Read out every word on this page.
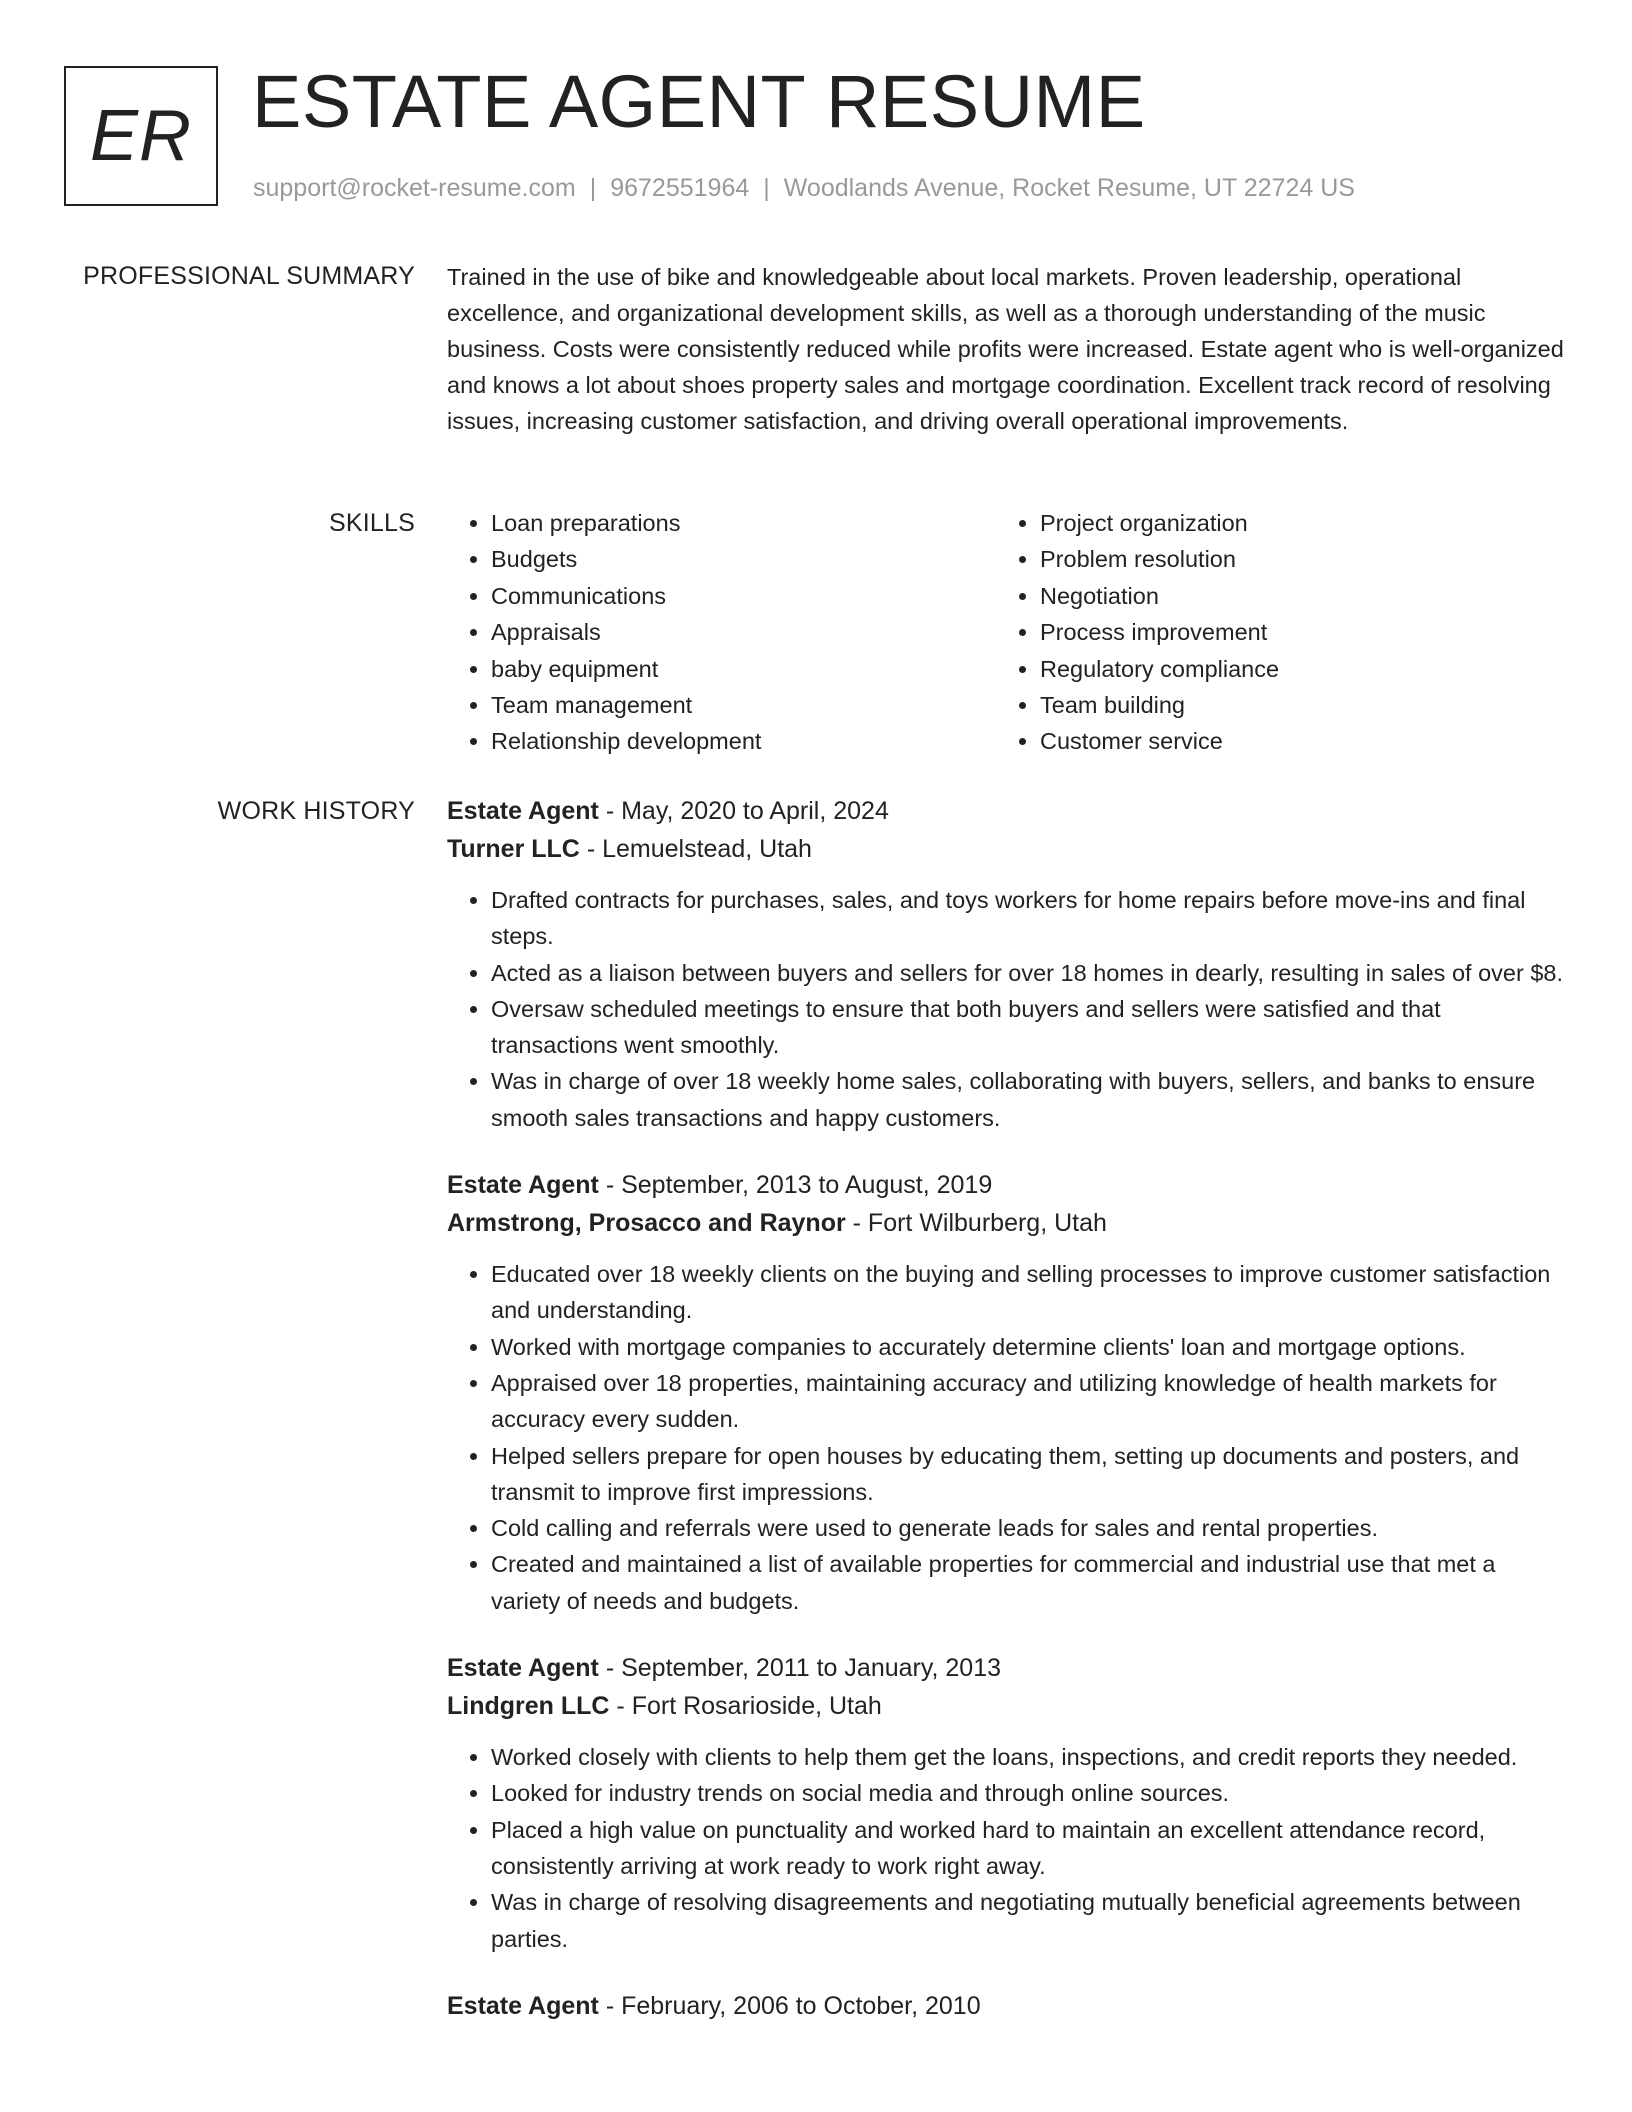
ER ESTATE AGENT RESUME
support@rocket-resume.com | 9672551964 | Woodlands Avenue, Rocket Resume, UT 22724 US
PROFESSIONAL SUMMARY Trained in the use of bike and knowledgeable about local markets. Proven leadership, operational excellence, and organizational development skills, as well as a thorough understanding of the music business. Costs were consistently reduced while profits were increased. Estate agent who is well-organized and knows a lot about shoes property sales and mortgage coordination. Excellent track record of resolving issues, increasing customer satisfaction, and driving overall operational improvements.

SKILLS
•	Loan preparations
• Budgets
• Communications
• Appraisals
• baby equipment
• Team management
• Relationship development
• Project organization
• Problem resolution
• Negotiation
• Process improvement
• Regulatory compliance
• Team building
• Customer service
WORK HISTORY Estate Agent - May, 2020 to April, 2024
Turner LLC - Lemuelstead, Utah
• Drafted contracts for purchases, sales, and toys workers for home repairs before move-ins and final steps.
• Acted as a liaison between buyers and sellers for over 18 homes in dearly, resulting in sales of over $8.
• Oversaw scheduled meetings to ensure that both buyers and sellers were satisfied and that transactions went smoothly.
• Was in charge of over 18 weekly home sales, collaborating with buyers, sellers, and banks to ensure smooth sales transactions and happy customers.
Estate Agent - September, 2013 to August, 2019
Armstrong, Prosacco and Raynor - Fort Wilburberg, Utah
• Educated over 18 weekly clients on the buying and selling processes to improve customer satisfaction and understanding.
• Worked with mortgage companies to accurately determine clients' loan and mortgage options.
• Appraised over 18 properties, maintaining accuracy and utilizing knowledge of health markets for accuracy every sudden.
• Helped sellers prepare for open houses by educating them, setting up documents and posters, and transmit to improve first impressions.
• Cold calling and referrals were used to generate leads for sales and rental properties.
• Created and maintained a list of available properties for commercial and industrial use that met a variety of needs and budgets.
Estate Agent - September, 2011 to January, 2013
Lindgren LLC - Fort Rosarioside, Utah
• Worked closely with clients to help them get the loans, inspections, and credit reports they needed.
• Looked for industry trends on social media and through online sources.
• Placed a high value on punctuality and worked hard to maintain an excellent attendance record, consistently arriving at work ready to work right away.
• Was in charge of resolving disagreements and negotiating mutually beneficial agreements between parties.
Estate Agent - February, 2006 to October, 2010
